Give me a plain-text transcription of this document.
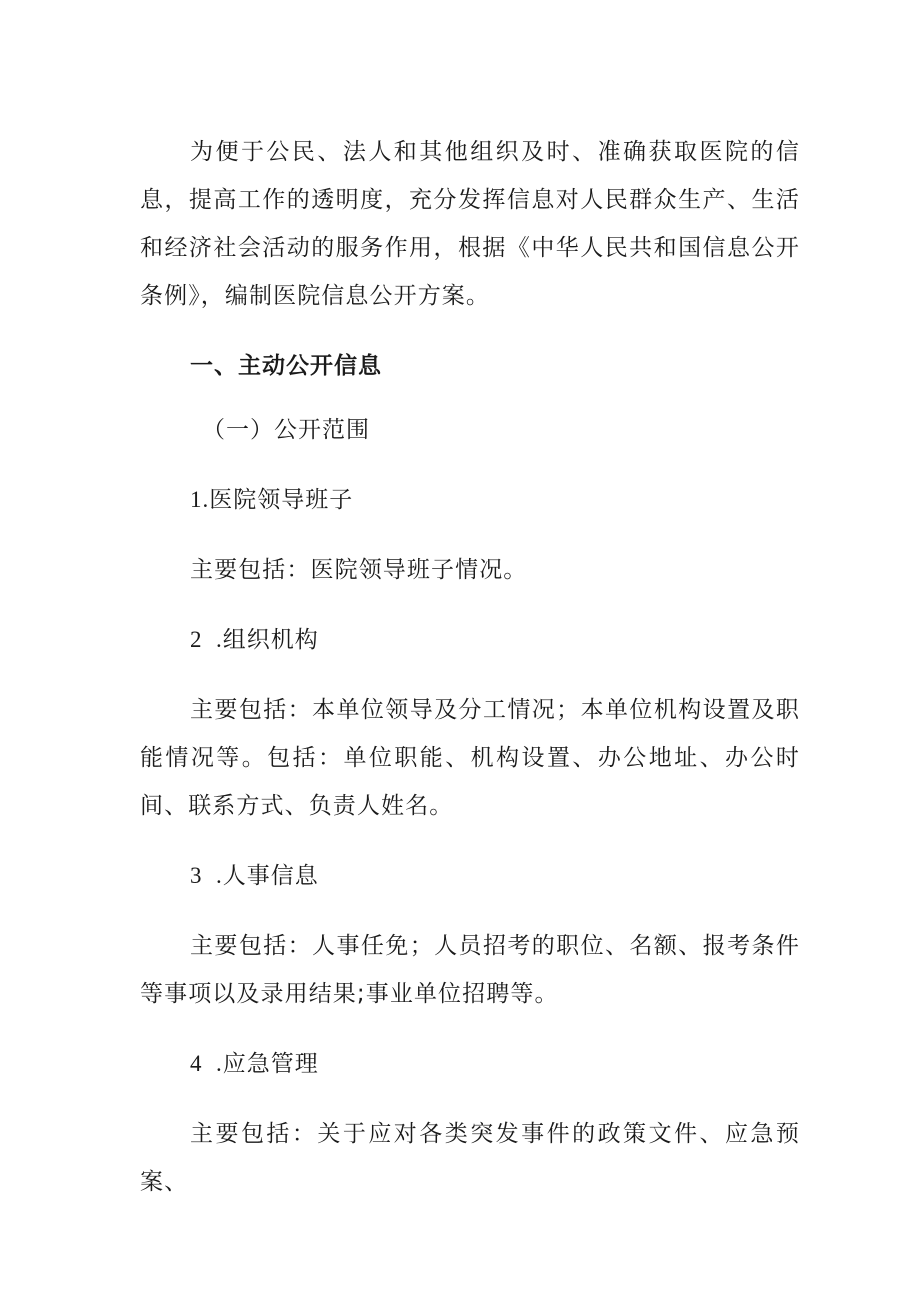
为便于公民、法人和其他组织及时、准确获取医院的信息，提高工作的透明度，充分发挥信息对人民群众生产、生活和经济社会活动的服务作用，根据《中华人民共和国信息公开条例》，编制医院信息公开方案。

一、主动公开信息
（一）公开范围
1.医院领导班子

主要包括：医院领导班子情况。

2  .组织机构

主要包括：本单位领导及分工情况；本单位机构设置及职能情况等。包括：单位职能、机构设置、办公地址、办公时间、联系方式、负责人姓名。

3  .人事信息

主要包括：人事任免；人员招考的职位、名额、报考条件等事项以及录用结果;事业单位招聘等。

4  .应急管理

主要包括：关于应对各类突发事件的政策文件、应急预案、
